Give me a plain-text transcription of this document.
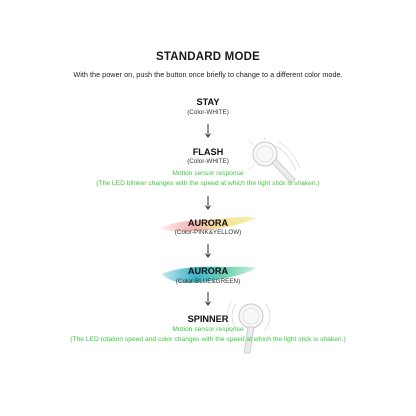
STANDARD MODE
With the power on, push the button once briefly to change to a different color mode.
STAY
(Color-WHITE)
FLASH
(Color-WHITE)
Motion sensor response
(The LED blinker changes with the speed at which the light stick is shaken.)
AURORA
(Color-PINK&YELLOW)
AURORA
(Color-BLUE&GREEN)
SPINNER
Motion sensor response
(The LED rotation speed and color changes with the speed at which the light stick is shaken.)
